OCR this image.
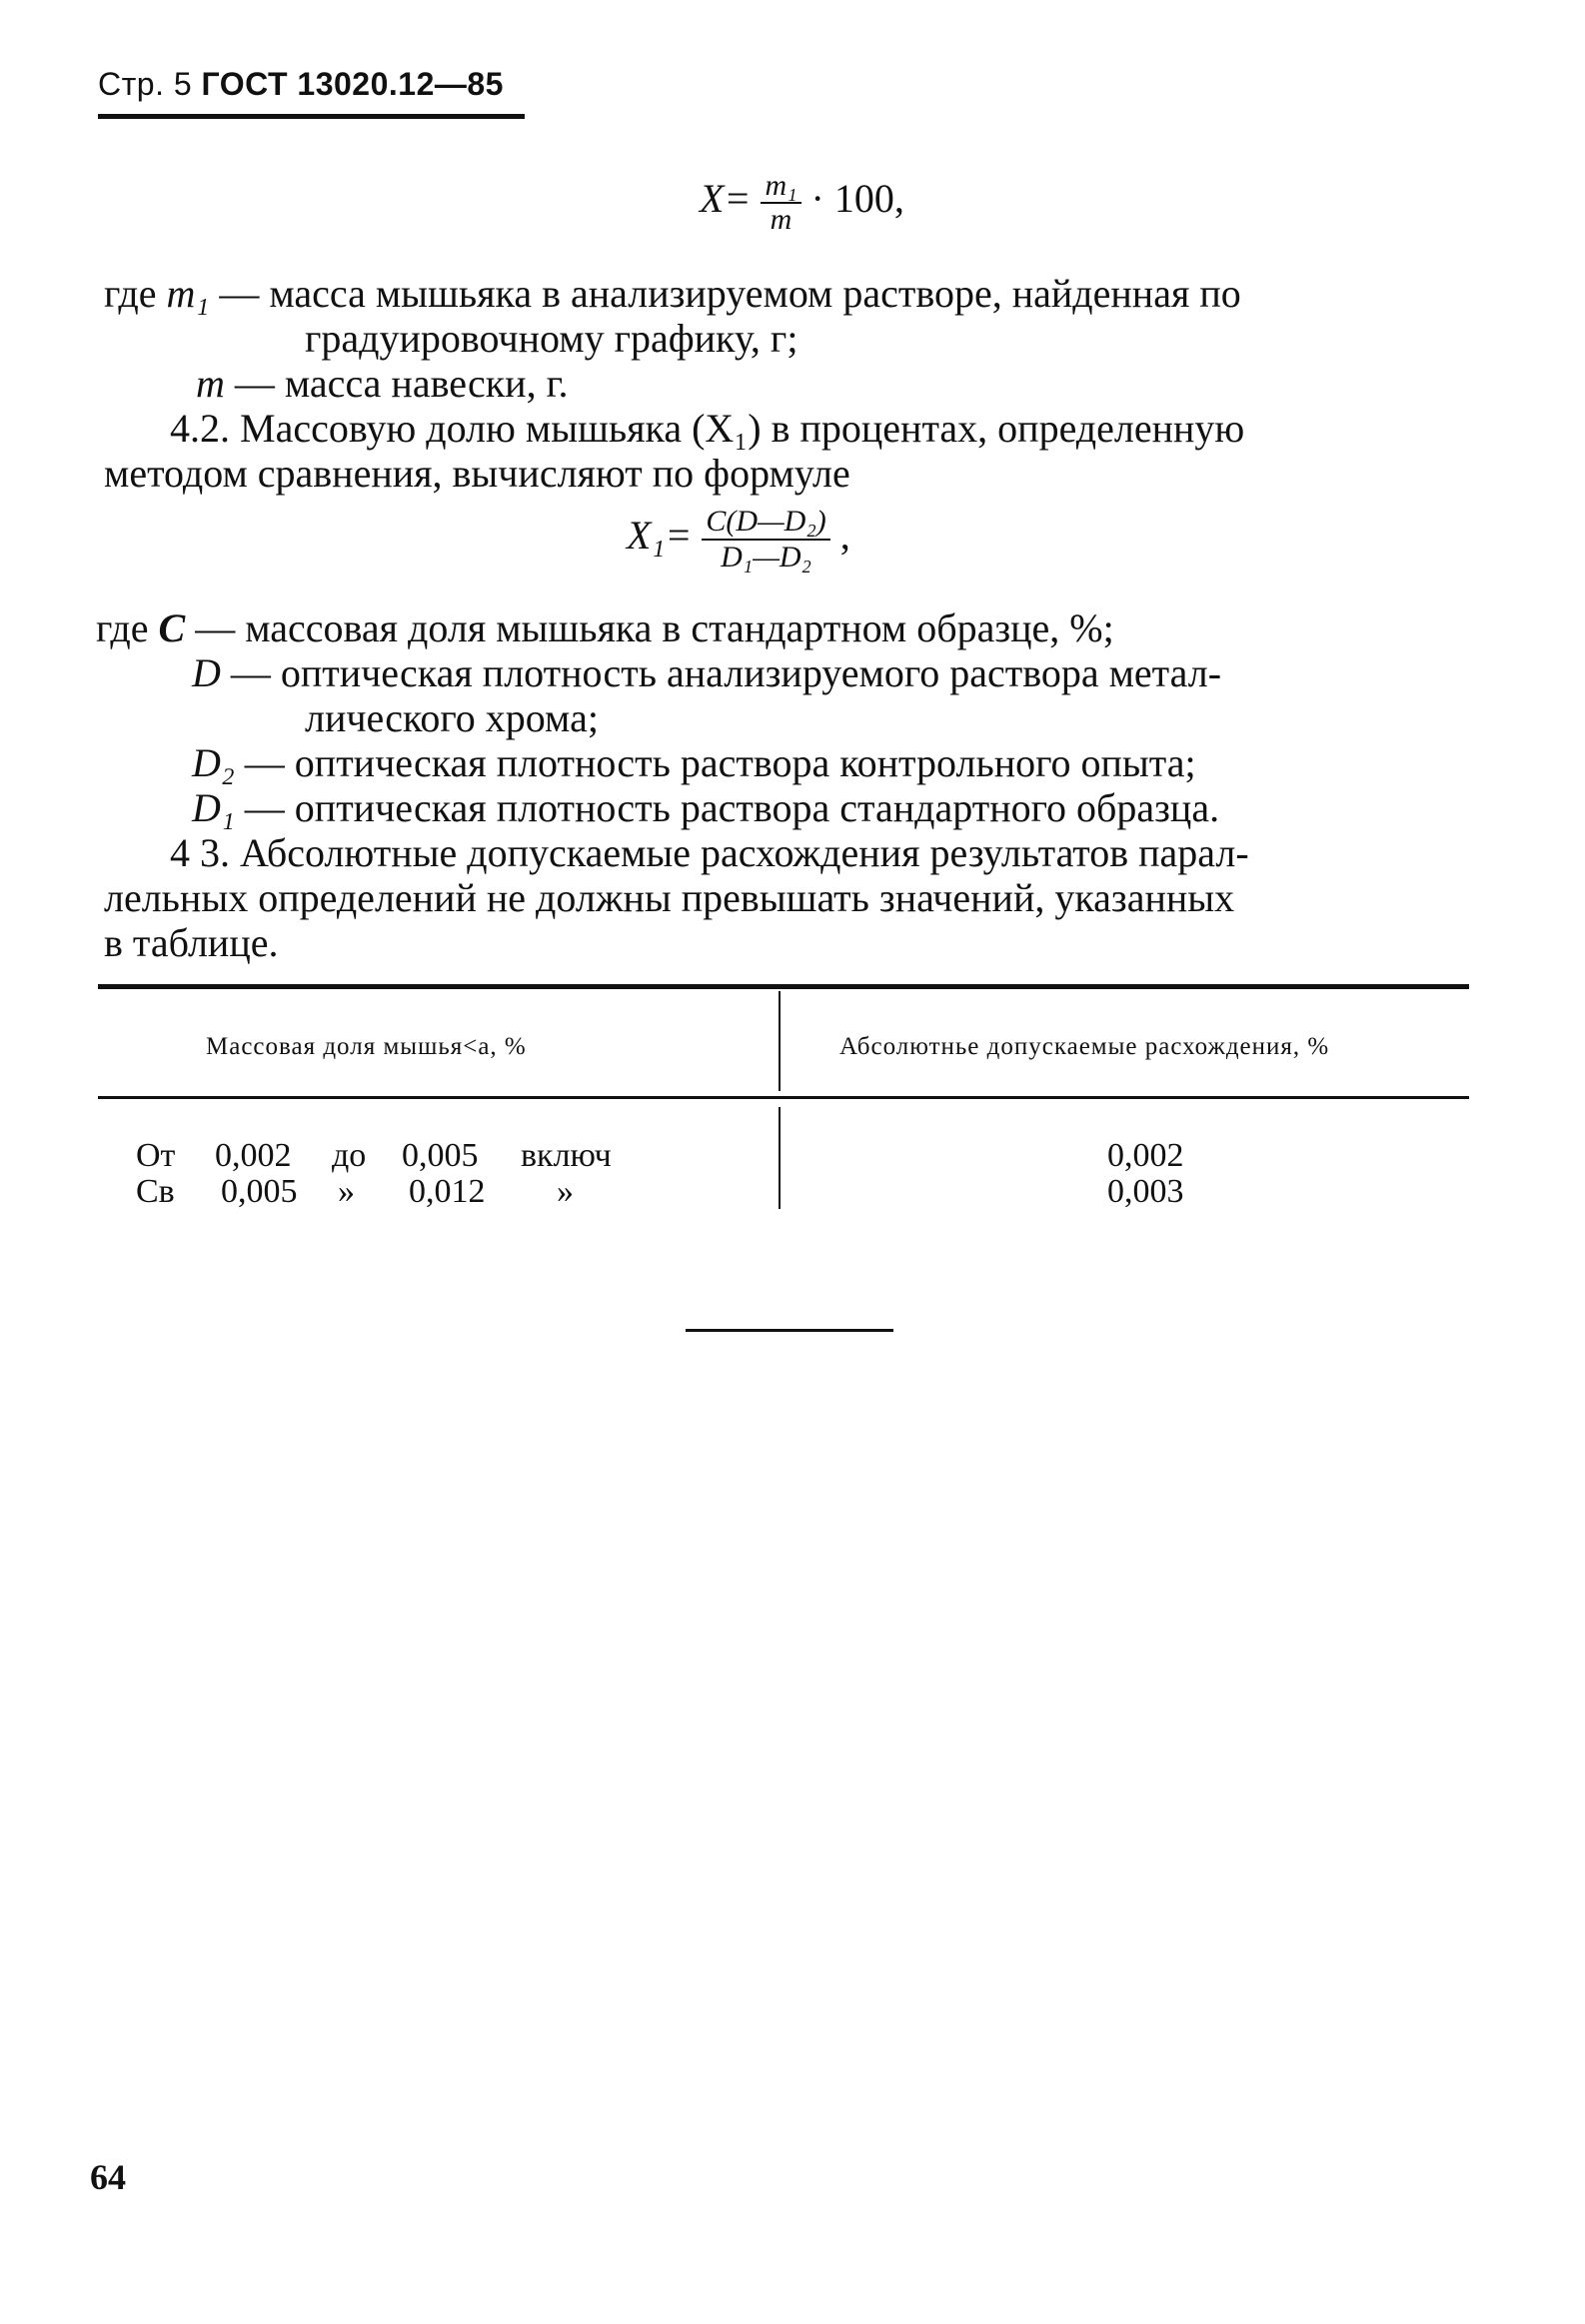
Стр. 5 ГОСТ 13020.12—85
$X= \frac{\text{m₁}}{m} \cdot 100$,
где m₁ — масса мышьяка в анализируемом растворе, найденная по
градуировочному графику, г;
m — масса навески, г.
4.2. Массовую долю мышьяка (X₁) в процентах, определенную
методом сравнения, вычисляют по формуле
$X_1= \frac{\text{C(D—D₂)}}{\text{D₁—D₂}}$ ,
где C — массовая доля мышьяка в стандартном образце, %;
D — оптическая плотность анализируемого раствора метал-
лического хрома;
D₂ — оптическая плотность раствора контрольного опыта;
D₁ — оптическая плотность раствора стандартного образца.
4 3. Абсолютные допускаемые расхождения результатов парал-
лельных определений не должны превышать значений, указанных
в таблице.
Массовая доля мышья<а, %	Абсолютнье допускаемые расхождения, %
От 0,002 до 0,005 включ	0,002
Св 0,005 » 0,012 »	0,003
64
